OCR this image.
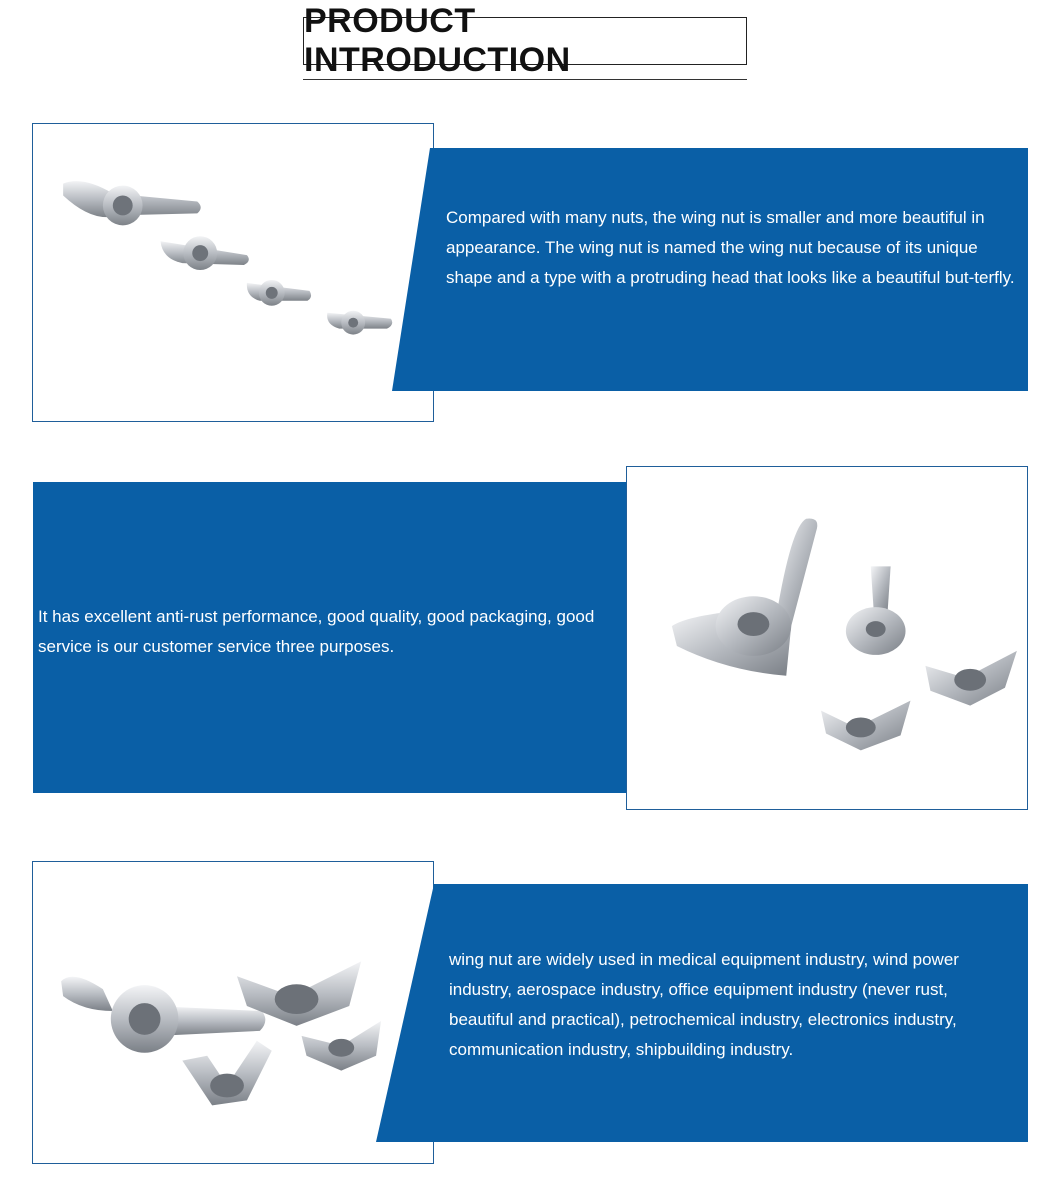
PRODUCT INTRODUCTION
Compared with many nuts, the wing nut is smaller and more beautiful in appearance. The wing nut is named the wing nut because of its unique shape and a type with a protruding head that looks like a beautiful but-terfly.
It has excellent anti-rust performance, good quality, good packaging, good service is our customer service three purposes.
wing nut are widely used in medical equipment industry, wind power industry, aerospace industry, office equipment industry (never rust, beautiful and practical), petrochemical industry, electronics industry, communication industry, shipbuilding industry.
